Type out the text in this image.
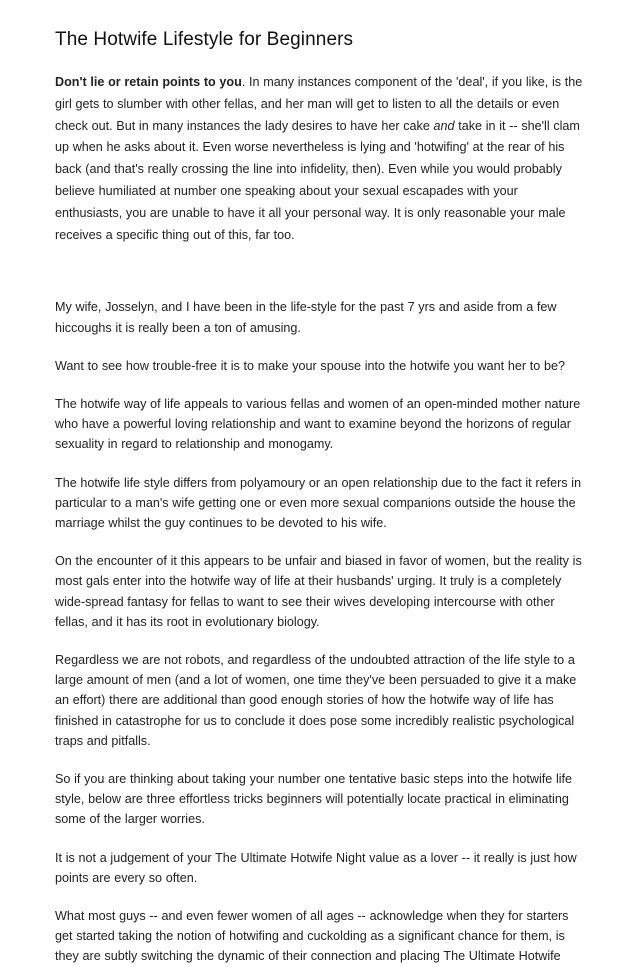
The Hotwife Lifestyle for Beginners

Don't lie or retain points to you. In many instances component of the 'deal', if you like, is the girl gets to slumber with other fellas, and her man will get to listen to all the details or even check out. But in many instances the lady desires to have her cake and take in it -- she'll clam up when he asks about it. Even worse nevertheless is lying and 'hotwifing' at the rear of his back (and that's really crossing the line into infidelity, then). Even while you would probably believe humiliated at number one speaking about your sexual escapades with your enthusiasts, you are unable to have it all your personal way. It is only reasonable your male receives a specific thing out of this, far too.

My wife, Josselyn, and I have been in the life-style for the past 7 yrs and aside from a few hiccoughs it is really been a ton of amusing.

Want to see how trouble-free it is to make your spouse into the hotwife you want her to be?

The hotwife way of life appeals to various fellas and women of an open-minded mother nature who have a powerful loving relationship and want to examine beyond the horizons of regular sexuality in regard to relationship and monogamy.

The hotwife life style differs from polyamoury or an open relationship due to the fact it refers in particular to a man's wife getting one or even more sexual companions outside the house the marriage whilst the guy continues to be devoted to his wife.

On the encounter of it this appears to be unfair and biased in favor of women, but the reality is most gals enter into the hotwife way of life at their husbands' urging. It truly is a completely wide-spread fantasy for fellas to want to see their wives developing intercourse with other fellas, and it has its root in evolutionary biology.

Regardless we are not robots, and regardless of the undoubted attraction of the life style to a large amount of men (and a lot of women, one time they've been persuaded to give it a make an effort) there are additional than good enough stories of how the hotwife way of life has finished in catastrophe for us to conclude it does pose some incredibly realistic psychological traps and pitfalls.

So if you are thinking about taking your number one tentative basic steps into the hotwife life style, below are three effortless tricks beginners will potentially locate practical in eliminating some of the larger worries.

It is not a judgement of your The Ultimate Hotwife Night value as a lover -- it really is just how points are every so often.

What most guys -- and even fewer women of all ages -- acknowledge when they for starters get started taking the notion of hotwifing and cuckolding as a significant chance for them, is they are subtly switching the dynamic of their connection and placing The Ultimate Hotwife
